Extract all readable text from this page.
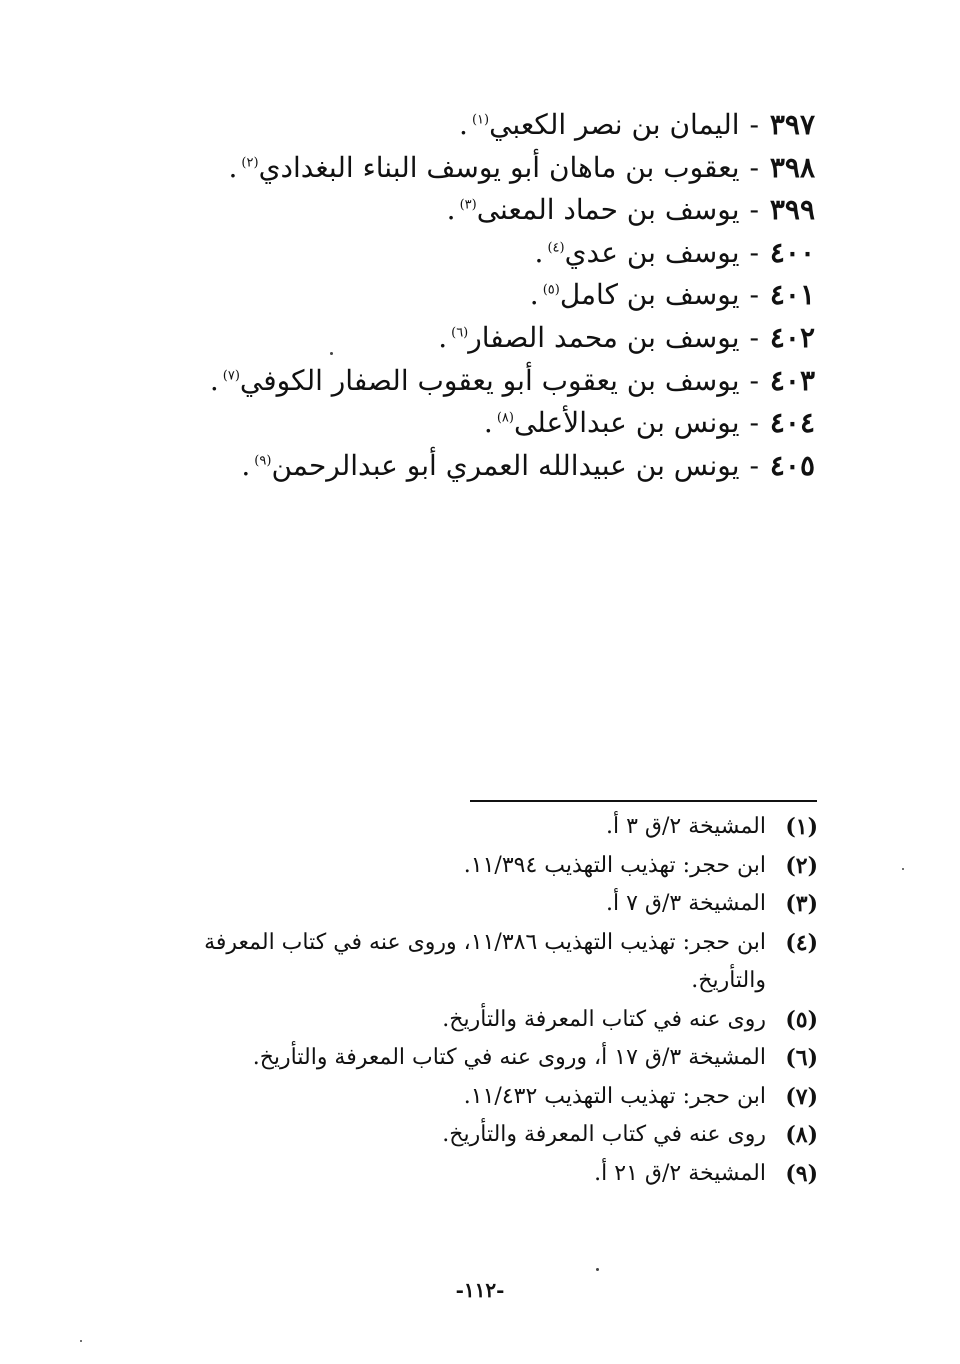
٣٩٧-اليمان بن نصر الكعبي$^{(١)}$.
٣٩٨-يعقوب بن ماهان أبو يوسف البناء البغدادي$^{(٢)}$.
٣٩٩-يوسف بن حماد المعنى$^{(٣)}$.
٤٠٠-يوسف بن عدي$^{(٤)}$.
٤٠١-يوسف بن كامل$^{(٥)}$.
٤٠٢-يوسف بن محمد الصفار$^{(٦)}$.
٤٠٣-يوسف بن يعقوب أبو يعقوب الصفار الكوفي$^{(٧)}$.
٤٠٤-يونس بن عبدالأعلى$^{(٨)}$.
٤٠٥-يونس بن عبيدالله العمري أبو عبدالرحمن$^{(٩)}$.
(١)
المشيخة ٢/ق ٣ أ.
(٢)
ابن حجر: تهذيب التهذيب ١١/٣٩٤.
(٣)
المشيخة ٣/ق ٧ أ.
(٤)
ابن حجر: تهذيب التهذيب ١١/٣٨٦، وروى عنه في كتاب المعرفة والتأريخ.
(٥)
روى عنه في كتاب المعرفة والتأريخ.
(٦)
المشيخة ٣/ق ١٧ أ، وروى عنه في كتاب المعرفة والتأريخ.
(٧)
ابن حجر: تهذيب التهذيب ١١/٤٣٢.
(٨)
روى عنه في كتاب المعرفة والتأريخ.
(٩)
المشيخة ٢/ق ٢١ أ.
-١١٢-
